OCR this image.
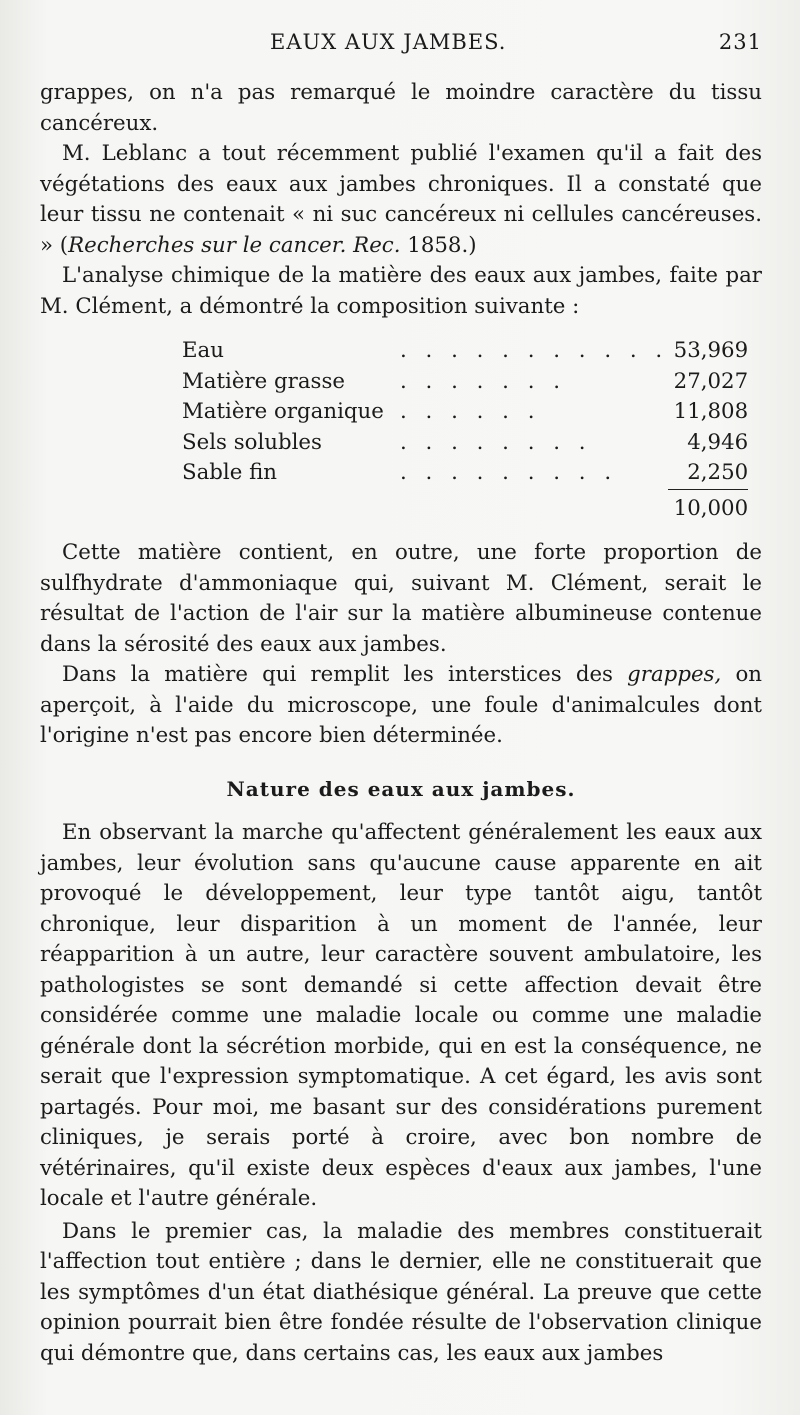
EAUX AUX JAMBES.	231

grappes, on n'a pas remarqué le moindre caractère du tissu cancéreux.

M. Leblanc a tout récemment publié l'examen qu'il a fait des végétations des eaux aux jambes chroniques. Il a constaté que leur tissu ne contenait « ni suc cancéreux ni cellules cancéreuses. » (Recherches sur le cancer. Rec. 1858.)

L'analyse chimique de la matière des eaux aux jambes, faite par M. Clément, a démontré la composition suivante :

Eau	. . . . . . . . . . .	53,969
Matière grasse	. . . . . . .	27,027
Matière organique	. . . . . .	11,808
Sels solubles	. . . . . . . .	4,946
Sable fin	. . . . . . . . .	2,250
		10,000

Cette matière contient, en outre, une forte proportion de sulfhydrate d'ammoniaque qui, suivant M. Clément, serait le résultat de l'action de l'air sur la matière albumineuse contenue dans la sérosité des eaux aux jambes.

Dans la matière qui remplit les interstices des grappes, on aperçoit, à l'aide du microscope, une foule d'animalcules dont l'origine n'est pas encore bien déterminée.

Nature des eaux aux jambes.

En observant la marche qu'affectent généralement les eaux aux jambes, leur évolution sans qu'aucune cause apparente en ait provoqué le développement, leur type tantôt aigu, tantôt chronique, leur disparition à un moment de l'année, leur réapparition à un autre, leur caractère souvent ambulatoire, les pathologistes se sont demandé si cette affection devait être considérée comme une maladie locale ou comme une maladie générale dont la sécrétion morbide, qui en est la conséquence, ne serait que l'expression symptomatique. A cet égard, les avis sont partagés. Pour moi, me basant sur des considérations purement cliniques, je serais porté à croire, avec bon nombre de vétérinaires, qu'il existe deux espèces d'eaux aux jambes, l'une locale et l'autre générale.

Dans le premier cas, la maladie des membres constituerait l'affection tout entière ; dans le dernier, elle ne constituerait que les symptômes d'un état diathésique général. La preuve que cette opinion pourrait bien être fondée résulte de l'observation clinique qui démontre que, dans certains cas, les eaux aux jambes
